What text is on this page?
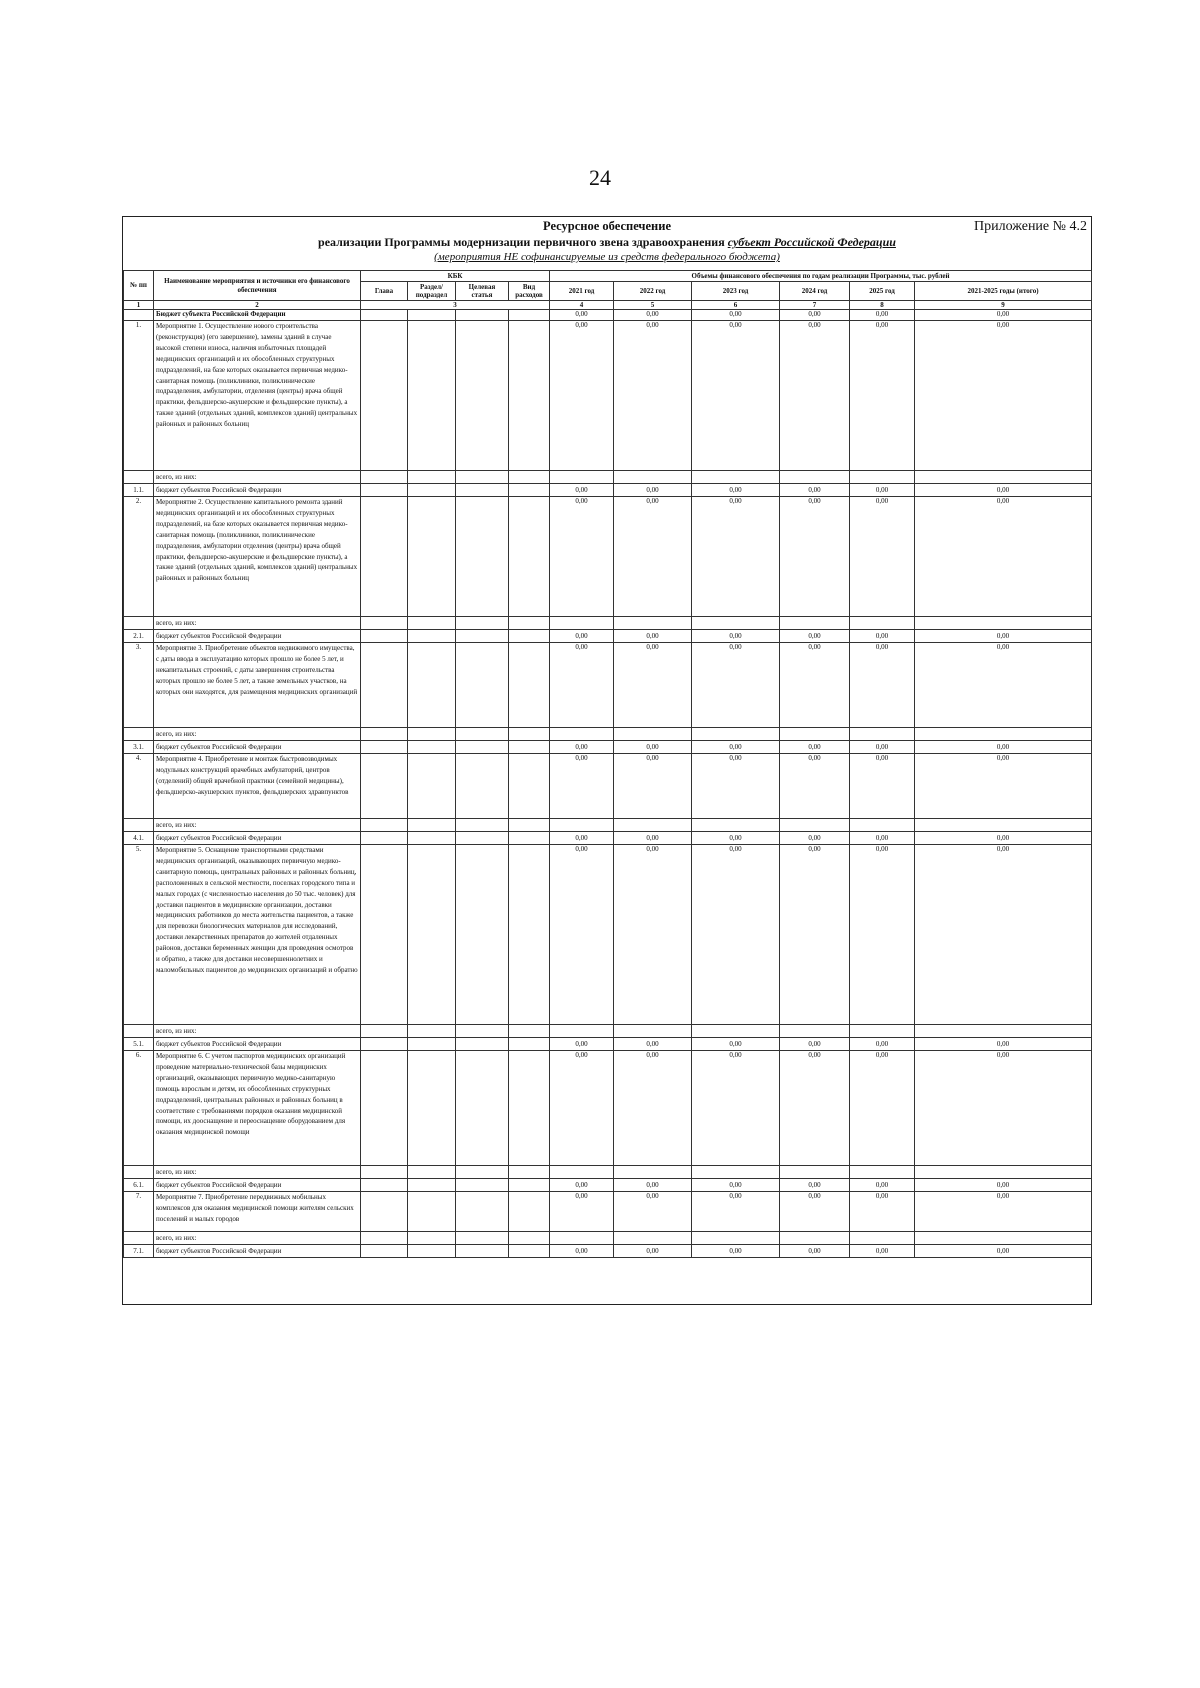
24
Приложение № 4.2
Ресурсное обеспечение
реализации Программы модернизации первичного звена здравоохранения субъект Российской Федерации
(мероприятия НЕ софинансируемые из средств федерального бюджета)
№ пп	Наименование мероприятия и источники его финансового обеспечения	КБК				Объемы финансового обеспечения по годам реализации Программы, тыс. рублей					
		Глава	Раздел/ подраздел	Целевая статья	Вид расходов	2021 год	2022 год	2023 год	2024 год	2025 год	2021-2025 годы (итого)
1	2	3				4	5	6	7	8	9
	Бюджет субъекта Российской Федерации					0,00	0,00	0,00	0,00	0,00	0,00
1.	Мероприятие 1. Осуществление нового строительства (реконструкция) (его завершение), замены зданий в случае высокой степени износа, наличия избыточных площадей медицинских организаций и их обособленных структурных подразделений, на базе которых оказывается первичная медико-санитарная помощь (поликлиники, поликлинические подразделения, амбулатории, отделения (центры) врача общей практики, фельдшерско-акушерские и фельдшерские пункты), а также зданий (отдельных зданий, комплексов зданий) центральных районных и районных больниц					0,00	0,00	0,00	0,00	0,00	0,00
	всего, из них:										
1.1.	бюджет субъектов Российской Федерации					0,00	0,00	0,00	0,00	0,00	0,00
2.	Мероприятие 2. Осуществление капитального ремонта зданий медицинских организаций и их обособленных структурных подразделений, на базе которых оказывается первичная медико-санитарная помощь (поликлиники, поликлинические подразделения, амбулатории отделения (центры) врача общей практики, фельдшерско-акушерские и фельдшерские пункты), а также зданий (отдельных зданий, комплексов зданий) центральных районных и районных больниц					0,00	0,00	0,00	0,00	0,00	0,00
	всего, из них:										
2.1.	бюджет субъектов Российской Федерации					0,00	0,00	0,00	0,00	0,00	0,00
3.	Мероприятие 3. Приобретение объектов недвижимого имущества, с даты ввода в эксплуатацию которых прошло не более 5 лет, и некапитальных строений, с даты завершения строительства которых прошло не более 5 лет, а также земельных участков, на которых они находятся, для размещения медицинских организаций					0,00	0,00	0,00	0,00	0,00	0,00
	всего, из них:										
3.1.	бюджет субъектов Российской Федерации					0,00	0,00	0,00	0,00	0,00	0,00
4.	Мероприятие 4. Приобретение и монтаж быстровозводимых модульных конструкций врачебных амбулаторий, центров (отделений) общей врачебной практики (семейной медицины), фельдшерско-акушерских пунктов, фельдшерских здравпунктов					0,00	0,00	0,00	0,00	0,00	0,00
	всего, из них:										
4.1.	бюджет субъектов Российской Федерации					0,00	0,00	0,00	0,00	0,00	0,00
5.	Мероприятие 5. Оснащение транспортными средствами медицинских организаций, оказывающих первичную медико-санитарную помощь, центральных районных и районных больниц, расположенных в сельской местности, поселках городского типа и малых городах (с численностью населения до 50 тыс. человек) для доставки пациентов в медицинские организации, доставки медицинских работников до места жительства пациентов, а также для перевозки биологических материалов для исследований, доставки лекарственных препаратов до жителей отдаленных районов, доставки беременных женщин для проведения осмотров и обратно, а также для доставки несовершеннолетних и маломобильных пациентов до медицинских организаций и обратно					0,00	0,00	0,00	0,00	0,00	0,00
	всего, из них:										
5.1.	бюджет субъектов Российской Федерации					0,00	0,00	0,00	0,00	0,00	0,00
6.	Мероприятие 6. С учетом паспортов медицинских организаций проведение материально-технической базы медицинских организаций, оказывающих первичную медико-санитарную помощь взрослым и детям, их обособленных структурных подразделений, центральных районных и районных больниц в соответствие с требованиями порядков оказания медицинской помощи, их дооснащение и переоснащение оборудованием для оказания медицинской помощи					0,00	0,00	0,00	0,00	0,00	0,00
	всего, из них:										
6.1.	бюджет субъектов Российской Федерации					0,00	0,00	0,00	0,00	0,00	0,00
7.	Мероприятие 7. Приобретение передвижных мобильных комплексов для оказания медицинской помощи жителям сельских поселений и малых городов					0,00	0,00	0,00	0,00	0,00	0,00
	всего, из них:										
7.1.	бюджет субъектов Российской Федерации					0,00	0,00	0,00	0,00	0,00	0,00
